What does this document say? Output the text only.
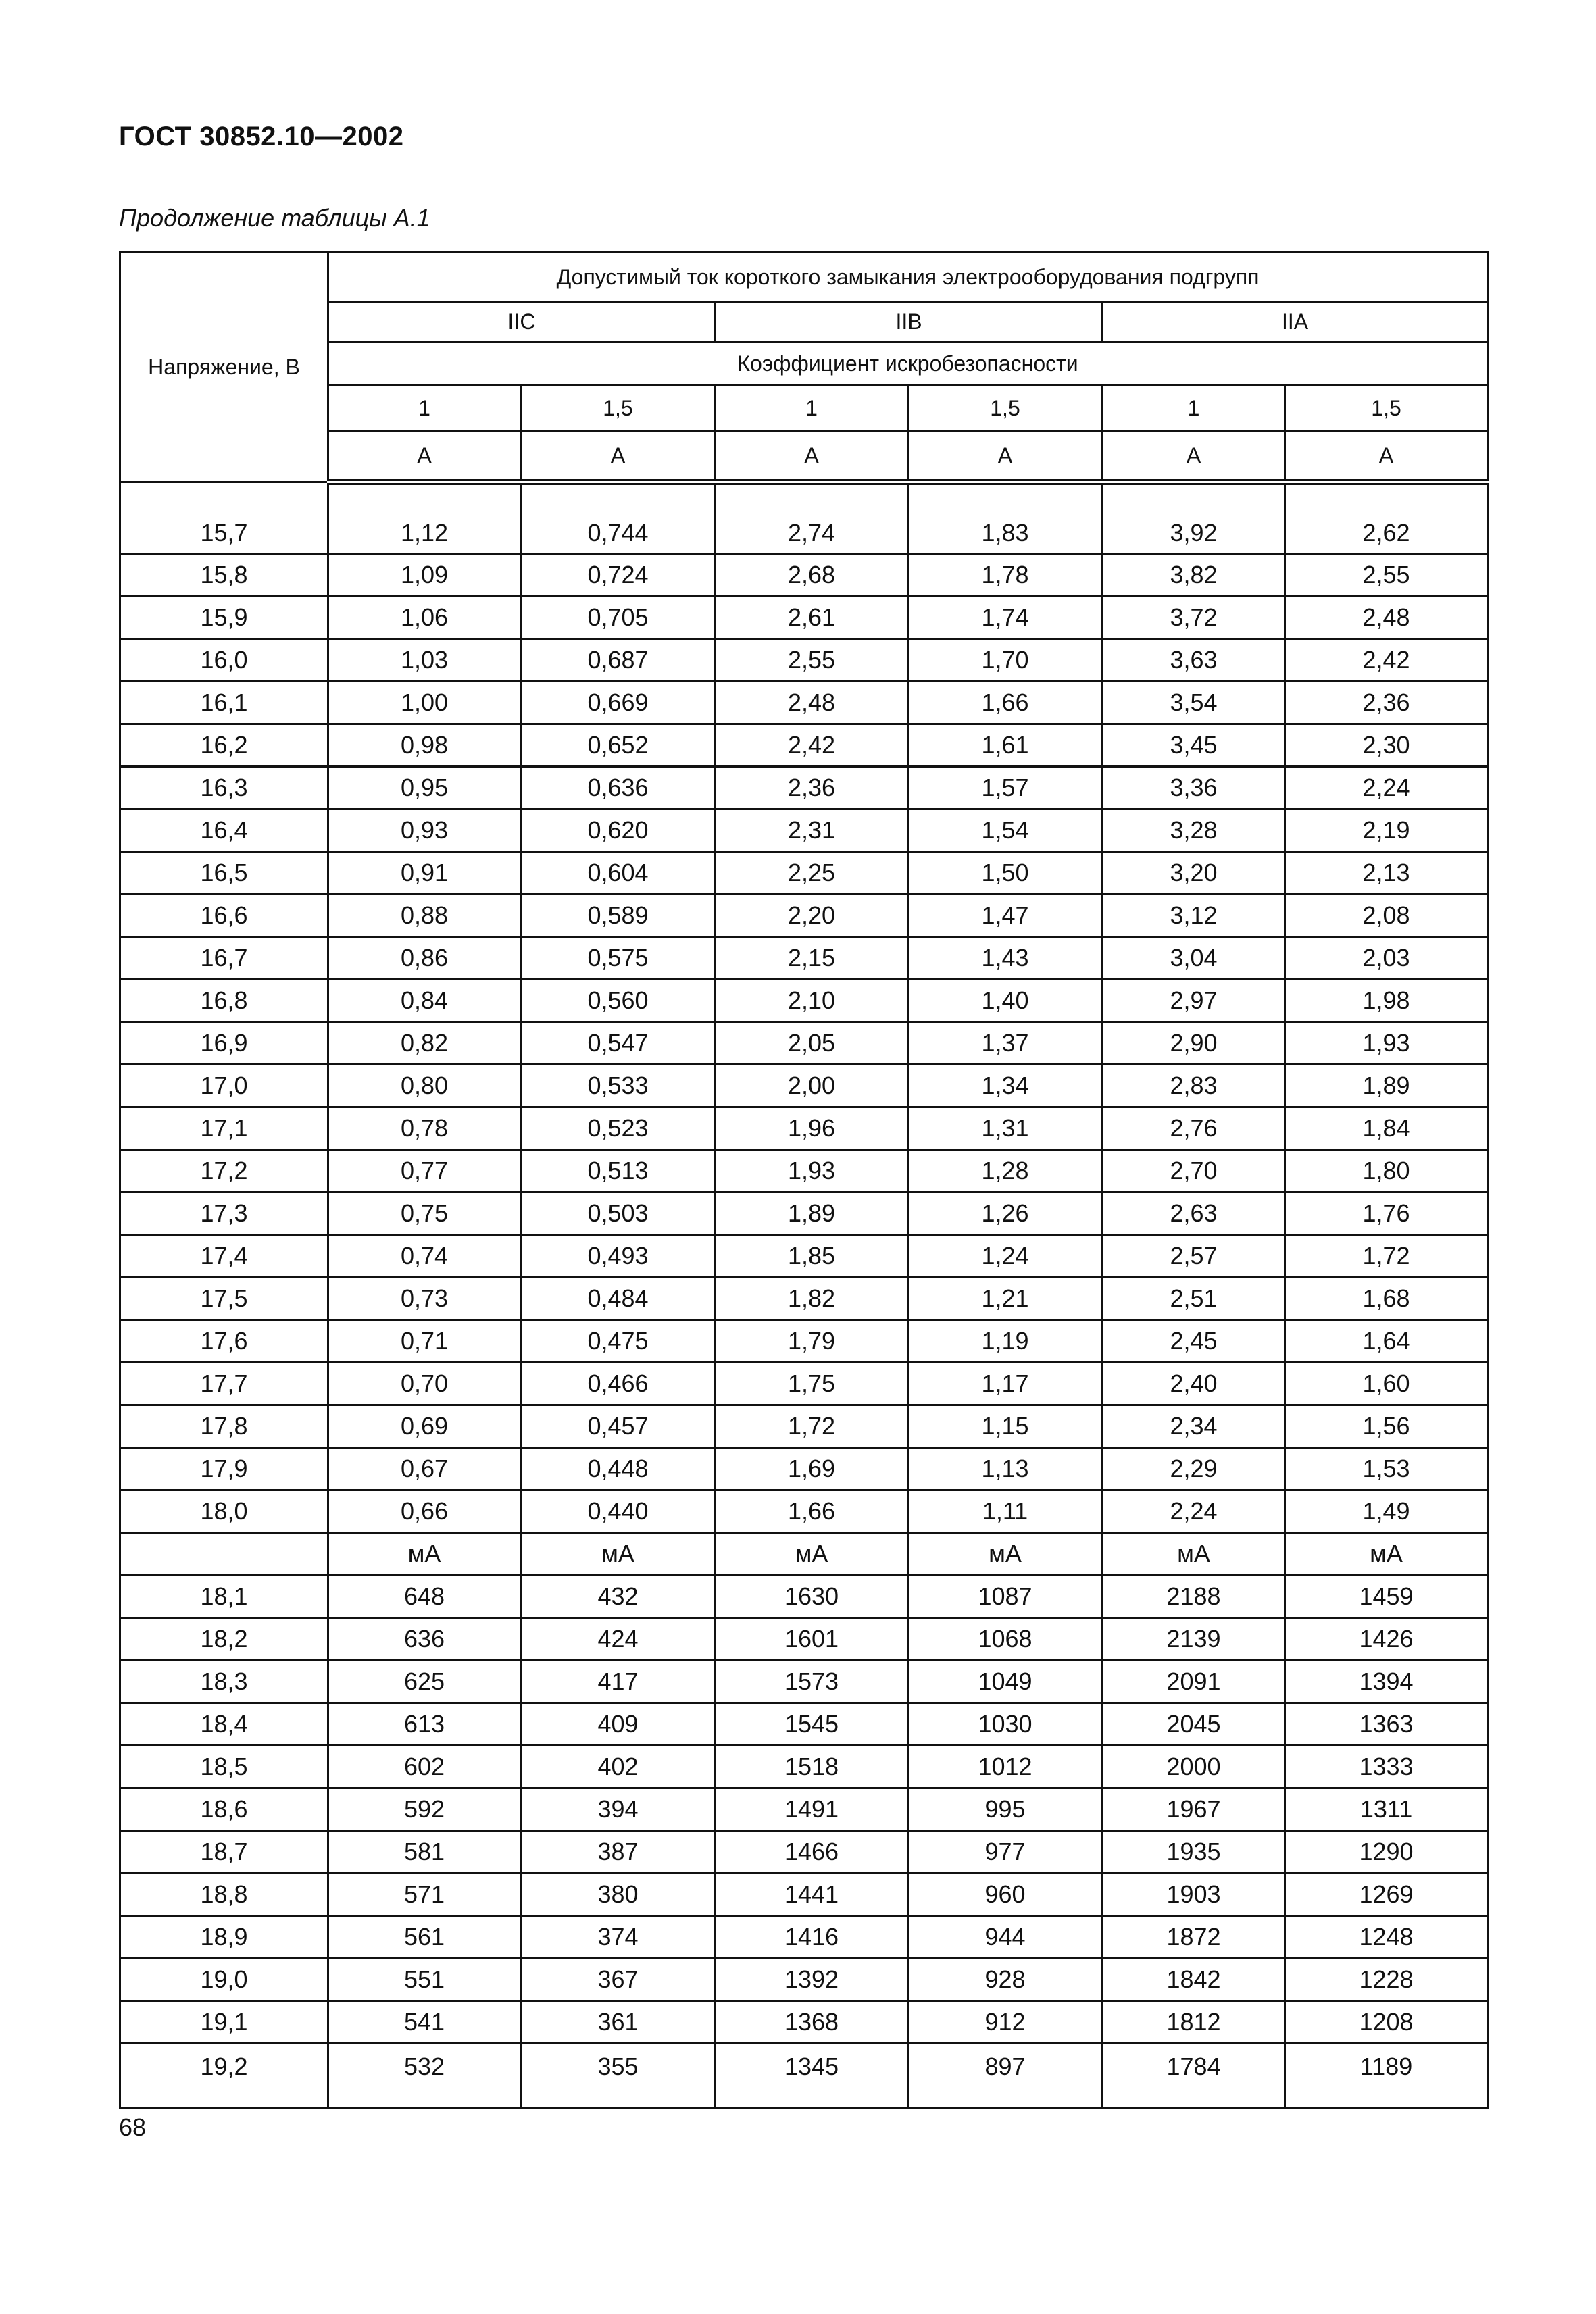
ГОСТ 30852.10—2002
Продолжение таблицы А.1
Напряжение, В	Допустимый ток короткого замыкания электрооборудования подгрупп					
	IIC		IIB		IIA	
	Коэффициент искробезопасности					
	1	1,5	1	1,5	1	1,5
	А	А	А	А	А	А
15,7	1,12	0,744	2,74	1,83	3,92	2,62
15,8	1,09	0,724	2,68	1,78	3,82	2,55
15,9	1,06	0,705	2,61	1,74	3,72	2,48
16,0	1,03	0,687	2,55	1,70	3,63	2,42
16,1	1,00	0,669	2,48	1,66	3,54	2,36
16,2	0,98	0,652	2,42	1,61	3,45	2,30
16,3	0,95	0,636	2,36	1,57	3,36	2,24
16,4	0,93	0,620	2,31	1,54	3,28	2,19
16,5	0,91	0,604	2,25	1,50	3,20	2,13
16,6	0,88	0,589	2,20	1,47	3,12	2,08
16,7	0,86	0,575	2,15	1,43	3,04	2,03
16,8	0,84	0,560	2,10	1,40	2,97	1,98
16,9	0,82	0,547	2,05	1,37	2,90	1,93
17,0	0,80	0,533	2,00	1,34	2,83	1,89
17,1	0,78	0,523	1,96	1,31	2,76	1,84
17,2	0,77	0,513	1,93	1,28	2,70	1,80
17,3	0,75	0,503	1,89	1,26	2,63	1,76
17,4	0,74	0,493	1,85	1,24	2,57	1,72
17,5	0,73	0,484	1,82	1,21	2,51	1,68
17,6	0,71	0,475	1,79	1,19	2,45	1,64
17,7	0,70	0,466	1,75	1,17	2,40	1,60
17,8	0,69	0,457	1,72	1,15	2,34	1,56
17,9	0,67	0,448	1,69	1,13	2,29	1,53
18,0	0,66	0,440	1,66	1,11	2,24	1,49
	мА	мА	мА	мА	мА	мА
18,1	648	432	1630	1087	2188	1459
18,2	636	424	1601	1068	2139	1426
18,3	625	417	1573	1049	2091	1394
18,4	613	409	1545	1030	2045	1363
18,5	602	402	1518	1012	2000	1333
18,6	592	394	1491	995	1967	1311
18,7	581	387	1466	977	1935	1290
18,8	571	380	1441	960	1903	1269
18,9	561	374	1416	944	1872	1248
19,0	551	367	1392	928	1842	1228
19,1	541	361	1368	912	1812	1208
19,2	532	355	1345	897	1784	1189
68
